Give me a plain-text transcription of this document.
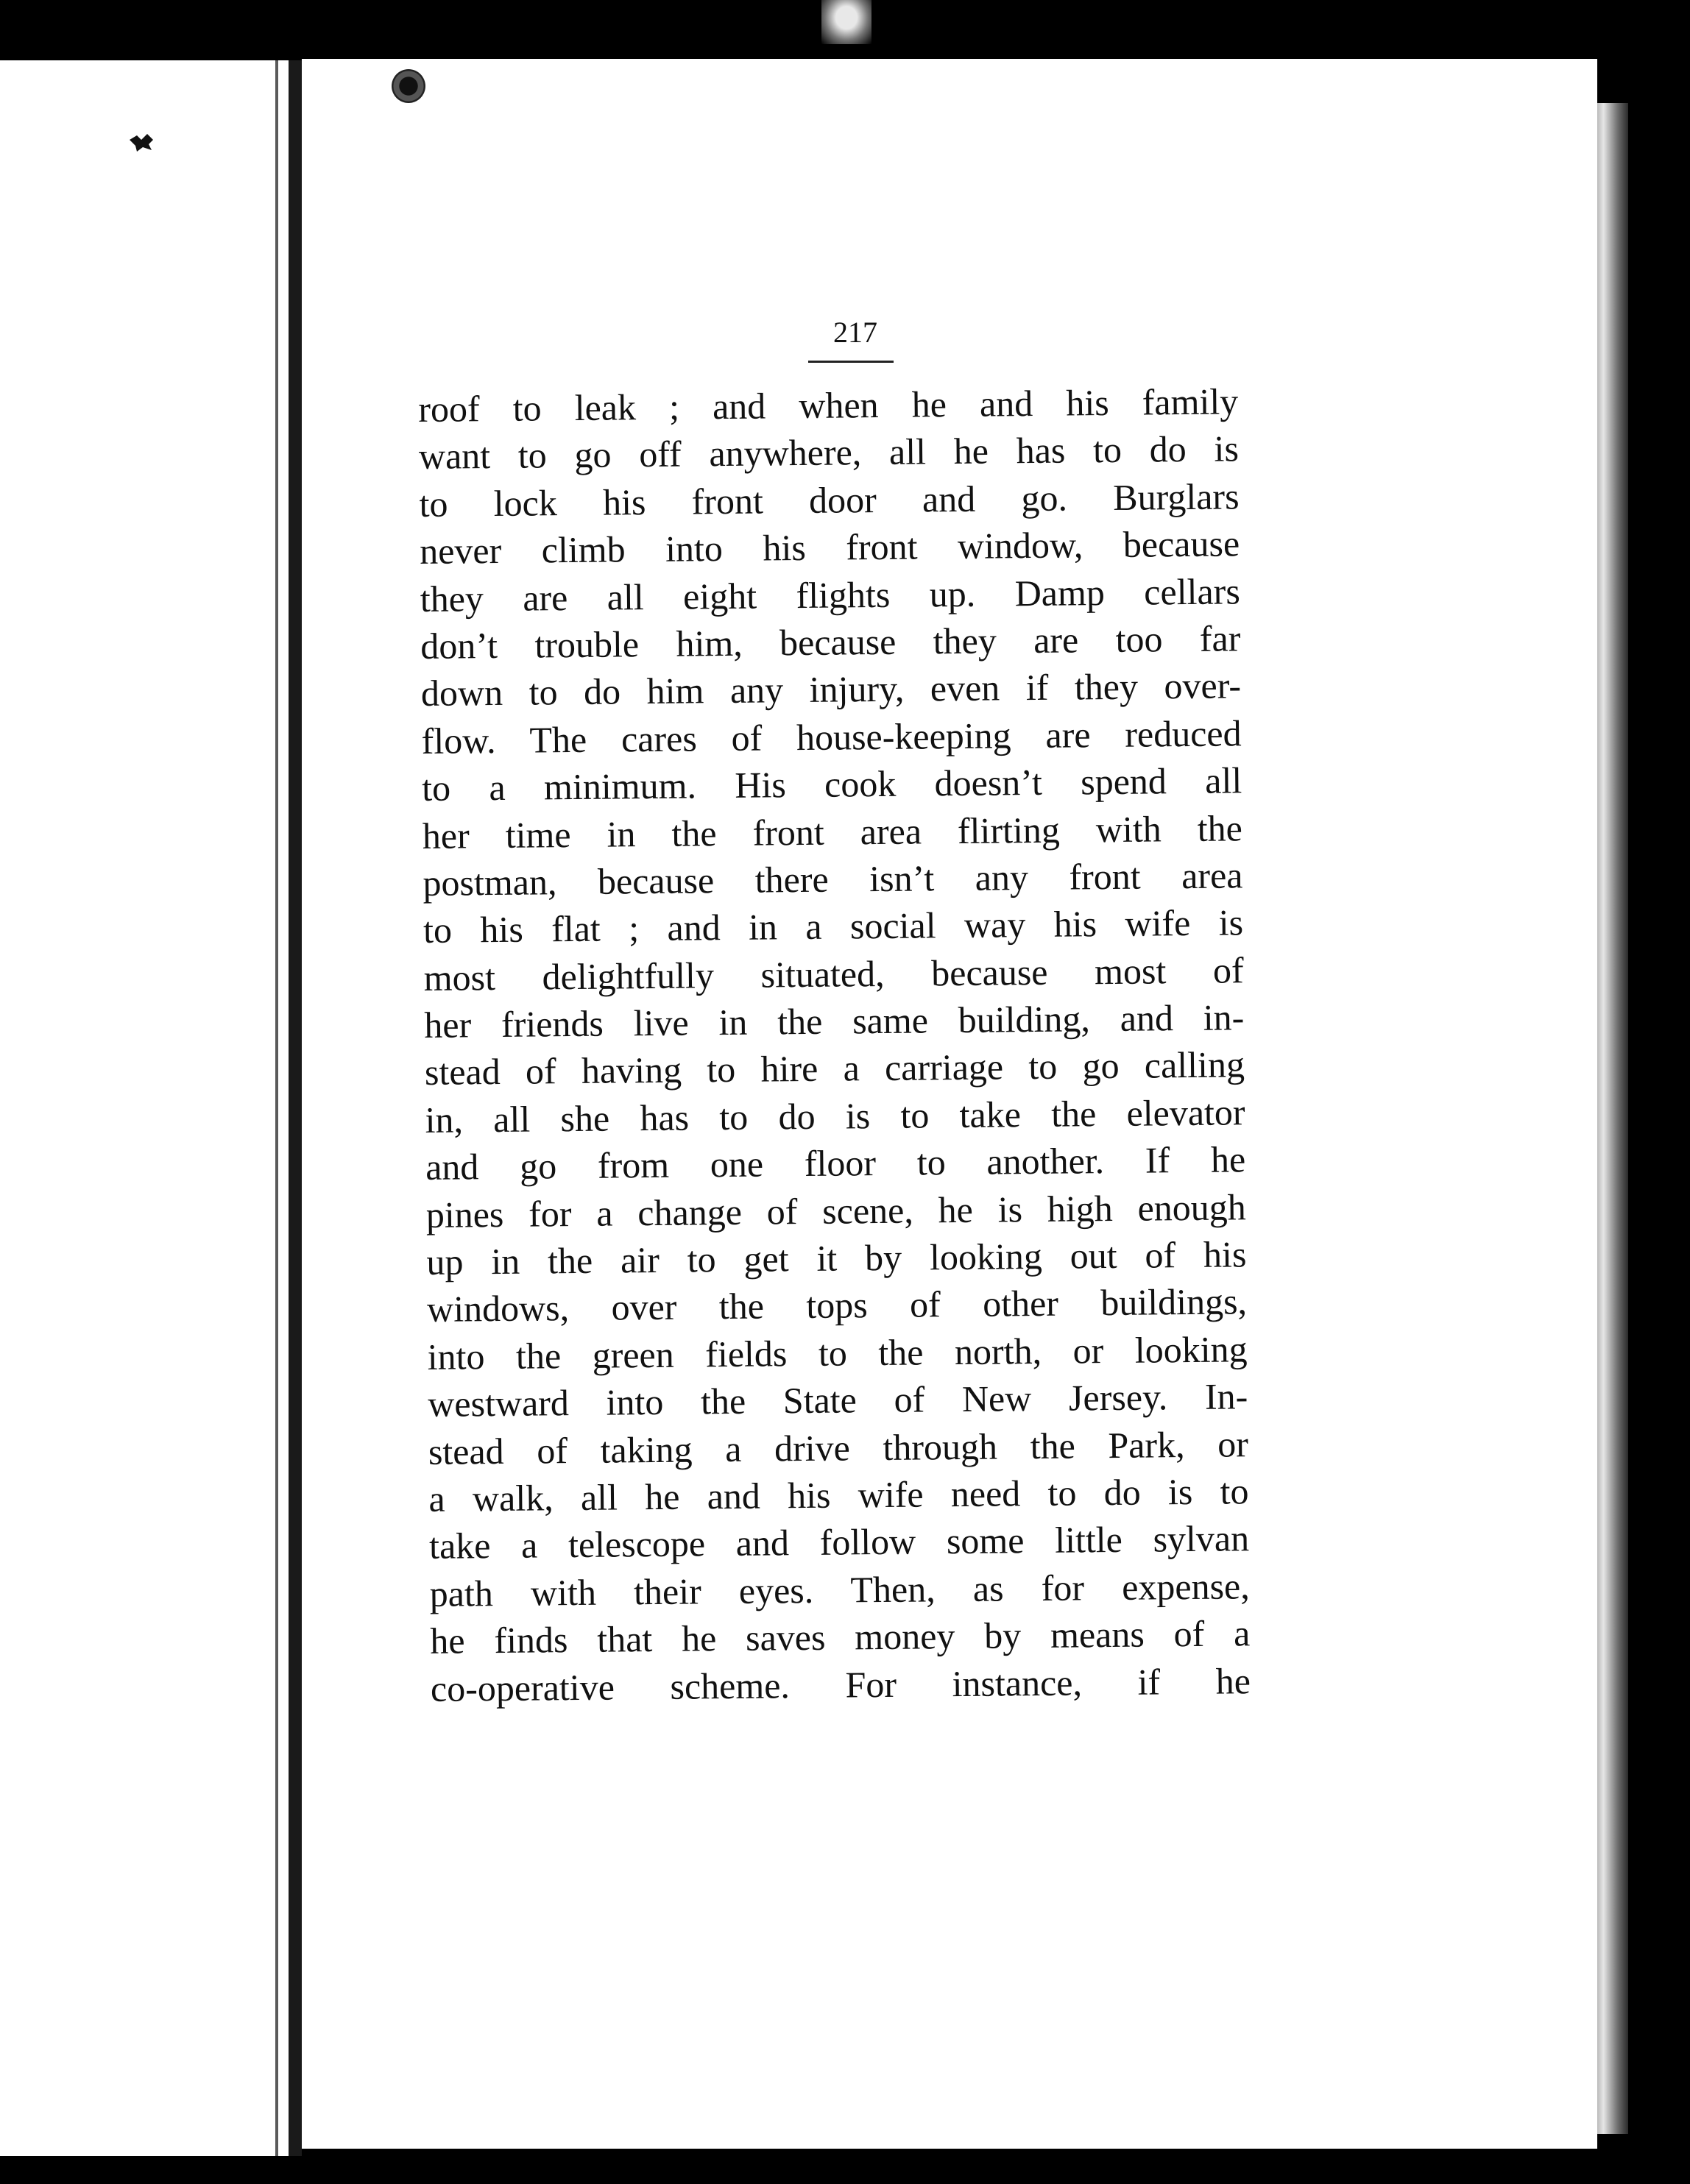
217
roof to leak ; and when he and his family
want to go off anywhere, all he has to do is
to lock his front door and go. Burglars
never climb into his front window, because
they are all eight flights up. Damp cellars
don’t trouble him, because they are too far
down to do him any injury, even if they over-
flow. The cares of house-keeping are reduced
to a minimum. His cook doesn’t spend all
her time in the front area flirting with the
postman, because there isn’t any front area
to his flat ; and in a social way his wife is
most delightfully situated, because most of
her friends live in the same building, and in-
stead of having to hire a carriage to go calling
in, all she has to do is to take the elevator
and go from one floor to another. If he
pines for a change of scene, he is high enough
up in the air to get it by looking out of his
windows, over the tops of other buildings,
into the green fields to the north, or looking
westward into the State of New Jersey. In-
stead of taking a drive through the Park, or
a walk, all he and his wife need to do is to
take a telescope and follow some little sylvan
path with their eyes. Then, as for expense,
he finds that he saves money by means of a
co-operative scheme. For instance, if he
